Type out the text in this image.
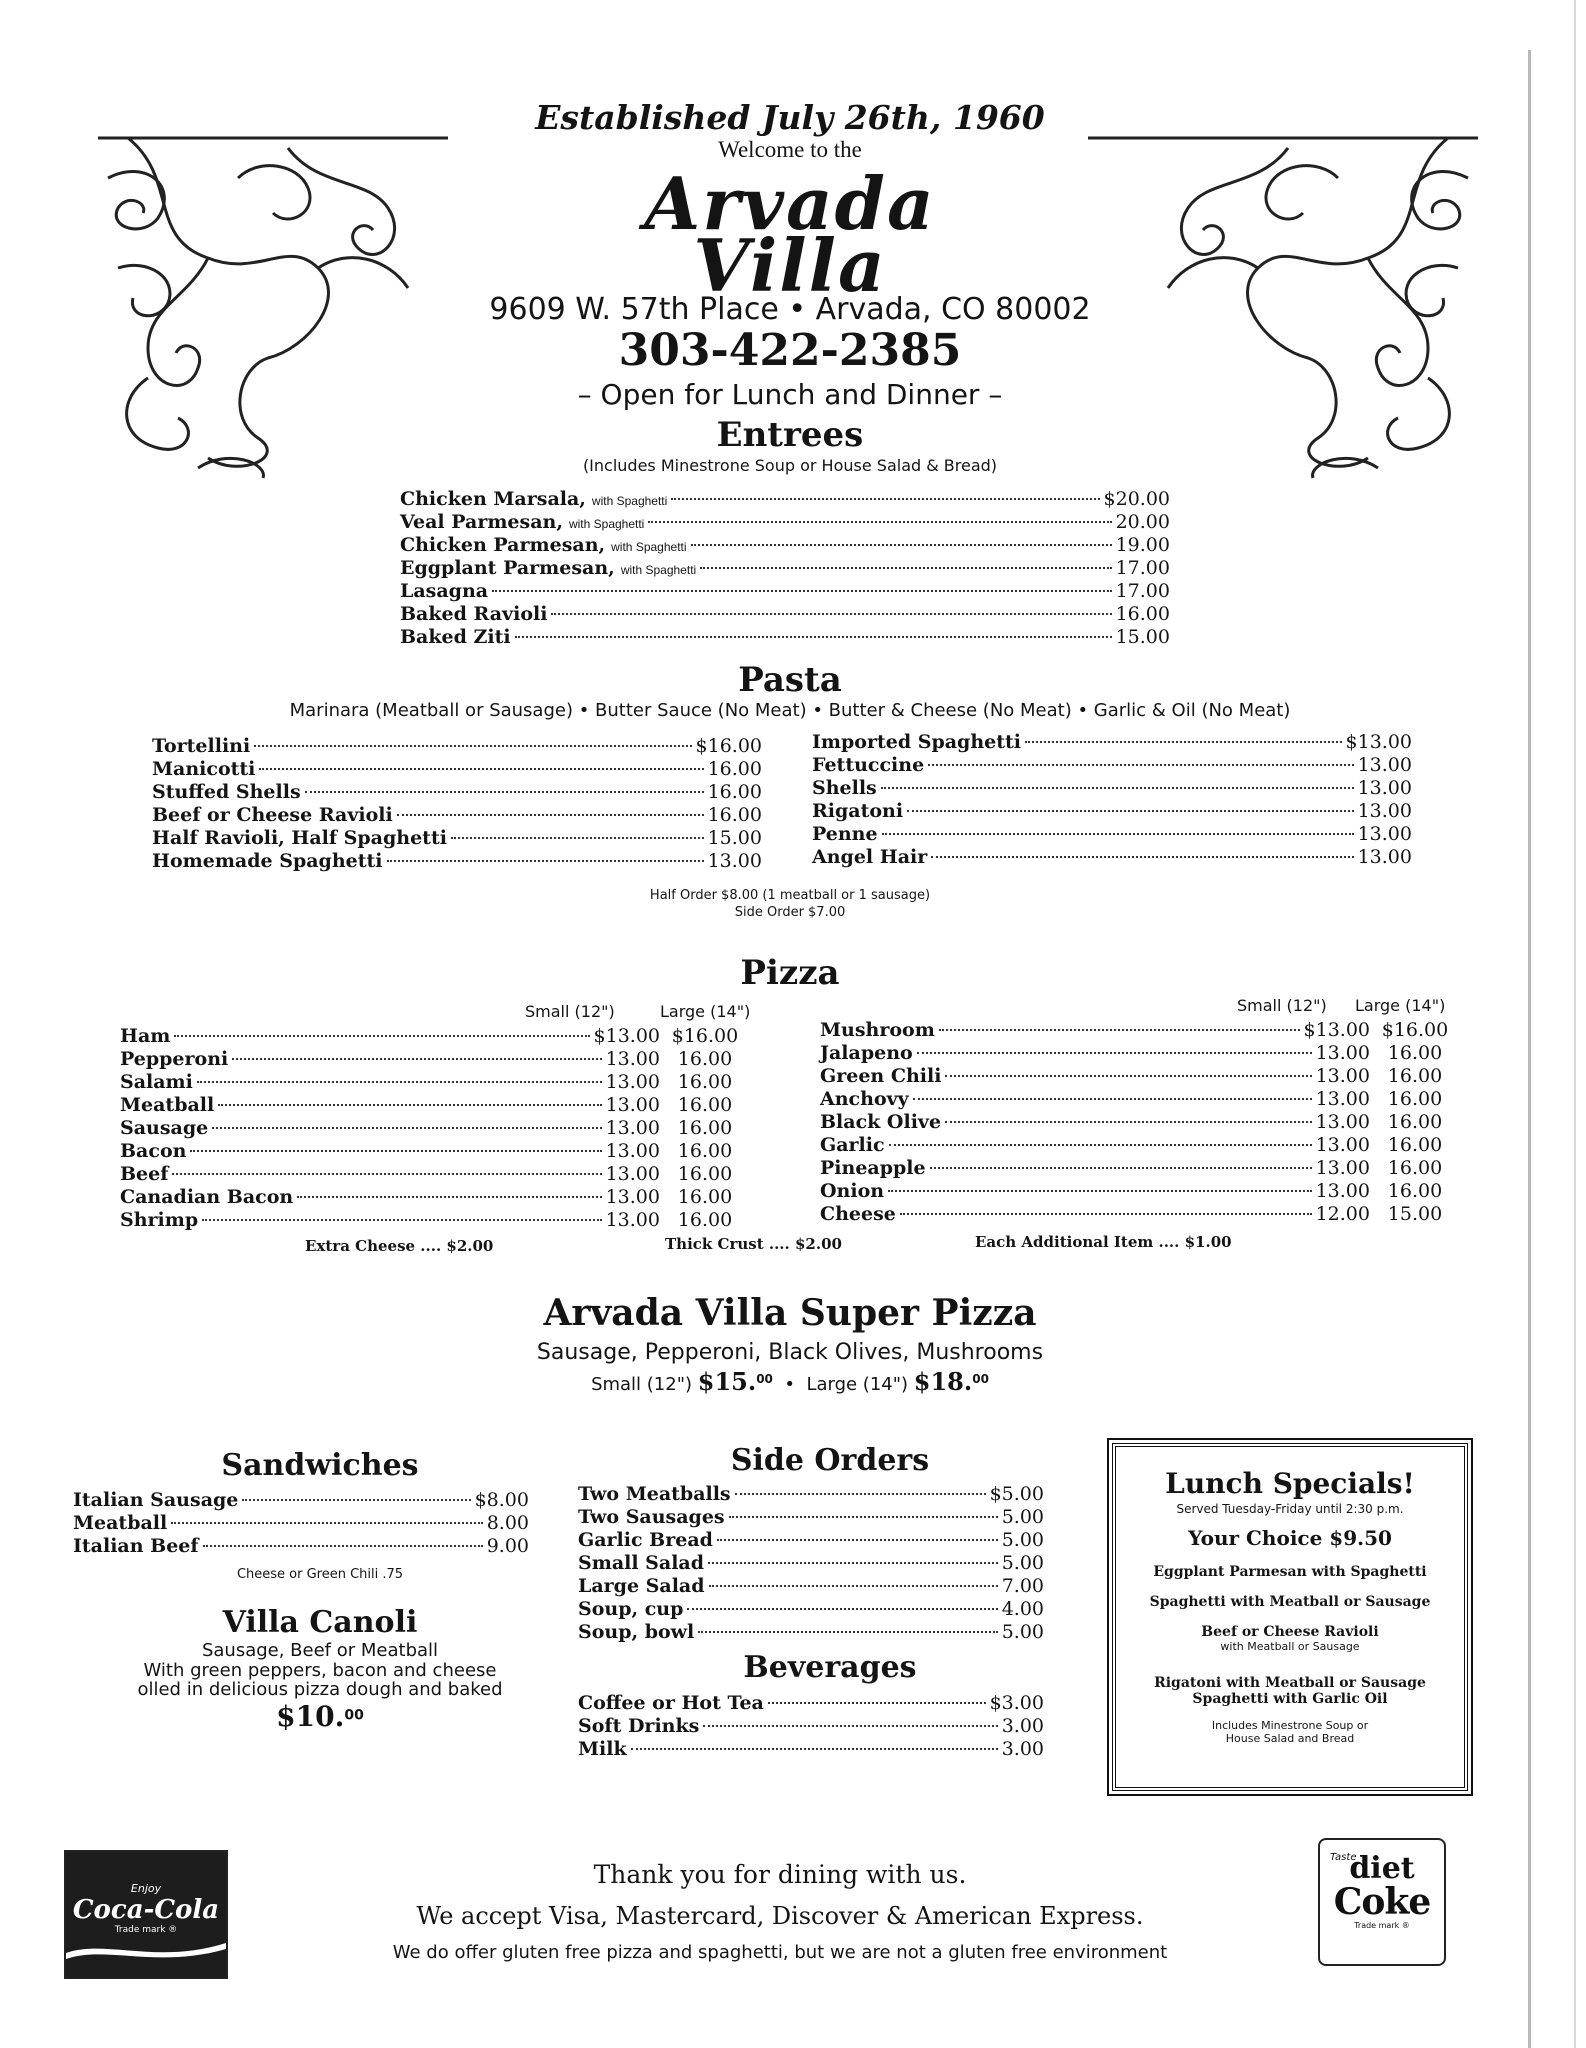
Established July 26th, 1960
Welcome to the
Arvada
Villa
9609 W. 57th Place • Arvada, CO 80002
303-422-2385
– Open for Lunch and Dinner –
Entrees
(Includes Minestrone Soup or House Salad & Bread)
Chicken Marsala, with Spaghetti	$20.00
Veal Parmesan, with Spaghetti	20.00
Chicken Parmesan, with Spaghetti	19.00
Eggplant Parmesan, with Spaghetti	17.00
Lasagna	17.00
Baked Ravioli	16.00
Baked Ziti	15.00
Pasta
Marinara (Meatball or Sausage) • Butter Sauce (No Meat) • Butter & Cheese (No Meat) • Garlic & Oil (No Meat)
Tortellini	$16.00
Manicotti	16.00
Stuffed Shells	16.00
Beef or Cheese Ravioli	16.00
Half Ravioli, Half Spaghetti	15.00
Homemade Spaghetti	13.00
Imported Spaghetti	$13.00
Fettuccine	13.00
Shells	13.00
Rigatoni	13.00
Penne	13.00
Angel Hair	13.00
Half Order $8.00 (1 meatball or 1 sausage)
Side Order $7.00
Pizza
Small (12")	Large (14")	Small (12") Large (14")
Ham	$13.00 $16.00
Pepperoni	13.00 16.00
Salami	13.00 16.00
Meatball	13.00 16.00
Sausage	13.00 16.00
Bacon	13.00 16.00
Beef	13.00 16.00
Canadian Bacon	13.00 16.00
Shrimp	13.00 16.00
Mushroom	$13.00 $16.00
Jalapeno	13.00 16.00
Green Chili	13.00 16.00
Anchovy	13.00 16.00
Black Olive	13.00 16.00
Garlic	13.00 16.00
Pineapple	13.00 16.00
Onion	13.00 16.00
Cheese	12.00 15.00
Extra Cheese .... $2.00	Thick Crust .... $2.00	Each Additional Item .... $1.00
Arvada Villa Super Pizza
Sausage, Pepperoni, Black Olives, Mushrooms
Small (12") $15.00 • Large (14") $18.00
Sandwiches
Italian Sausage	$8.00
Meatball	8.00
Italian Beef	9.00
Cheese or Green Chili .75
Villa Canoli
Sausage, Beef or Meatball
With green peppers, bacon and cheese
olled in delicious pizza dough and baked
$10.00
Side Orders
Two Meatballs	$5.00
Two Sausages	5.00
Garlic Bread	5.00
Small Salad	5.00
Large Salad	7.00
Soup, cup	4.00
Soup, bowl	5.00
Beverages
Coffee or Hot Tea	$3.00
Soft Drinks	3.00
Milk	3.00
Lunch Specials!
Served Tuesday-Friday until 2:30 p.m.
Your Choice $9.50
Eggplant Parmesan with Spaghetti
Spaghetti with Meatball or Sausage
Beef or Cheese Ravioli
with Meatball or Sausage
Rigatoni with Meatball or Sausage
Spaghetti with Garlic Oil
Includes Minestrone Soup or
House Salad and Bread
Enjoy
Coca-Cola
Trade mark ®
Taste
diet
Coke
Trade mark ®
Thank you for dining with us.
We accept Visa, Mastercard, Discover & American Express.
We do offer gluten free pizza and spaghetti, but we are not a gluten free environment
